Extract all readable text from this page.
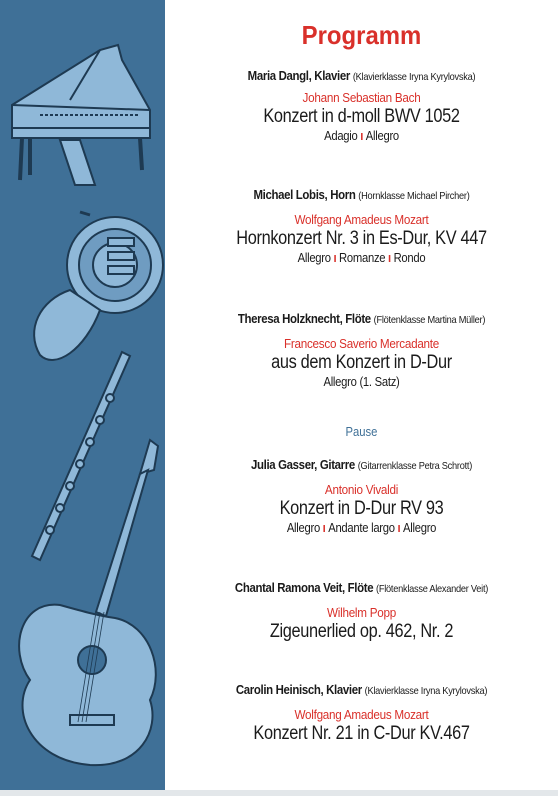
Programm
Maria Dangl, Klavier (Klavierklasse Iryna Kyrylovska)
Johann Sebastian Bach
Konzert in d-moll BWV 1052
Adagio ı Allegro
Michael Lobis, Horn (Hornklasse Michael Pircher)
Wolfgang Amadeus Mozart
Hornkonzert Nr. 3 in Es-Dur, KV 447
Allegro ı Romanze ı Rondo
Theresa Holzknecht, Flöte (Flötenklasse Martina Müller)
Francesco Saverio Mercadante
aus dem Konzert in D-Dur
Allegro (1. Satz)
Pause
Julia Gasser, Gitarre (Gitarrenklasse Petra Schrott)
Antonio Vivaldi
Konzert in D-Dur RV 93
Allegro ı Andante largo ı Allegro
Chantal Ramona Veit, Flöte (Flötenklasse Alexander Veit)
Wilhelm Popp
Zigeunerlied op. 462, Nr. 2
Carolin Heinisch, Klavier (Klavierklasse Iryna Kyrylovska)
Wolfgang Amadeus Mozart
Konzert Nr. 21 in C-Dur KV.467
